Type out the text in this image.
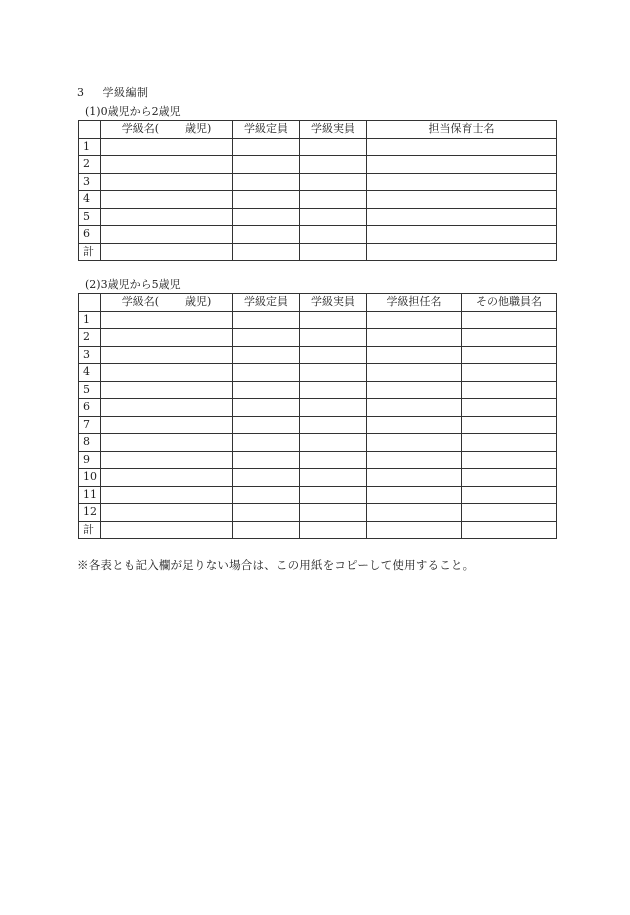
3 学級編制
(1)0歳児から2歳児

	学級名( 歳児)	学級定員	学級実員	担当保育士名
1				
2				
3				
4				
5				
6				
計				
(2)3歳児から5歳児

	学級名( 歳児)	学級定員	学級実員	学級担任名	その他職員名
1					
2					
3					
4					
5					
6					
7					
8					
9					
10					
11					
12					
計					
※各表とも記入欄が足りない場合は、この用紙をコピーして使用すること。
